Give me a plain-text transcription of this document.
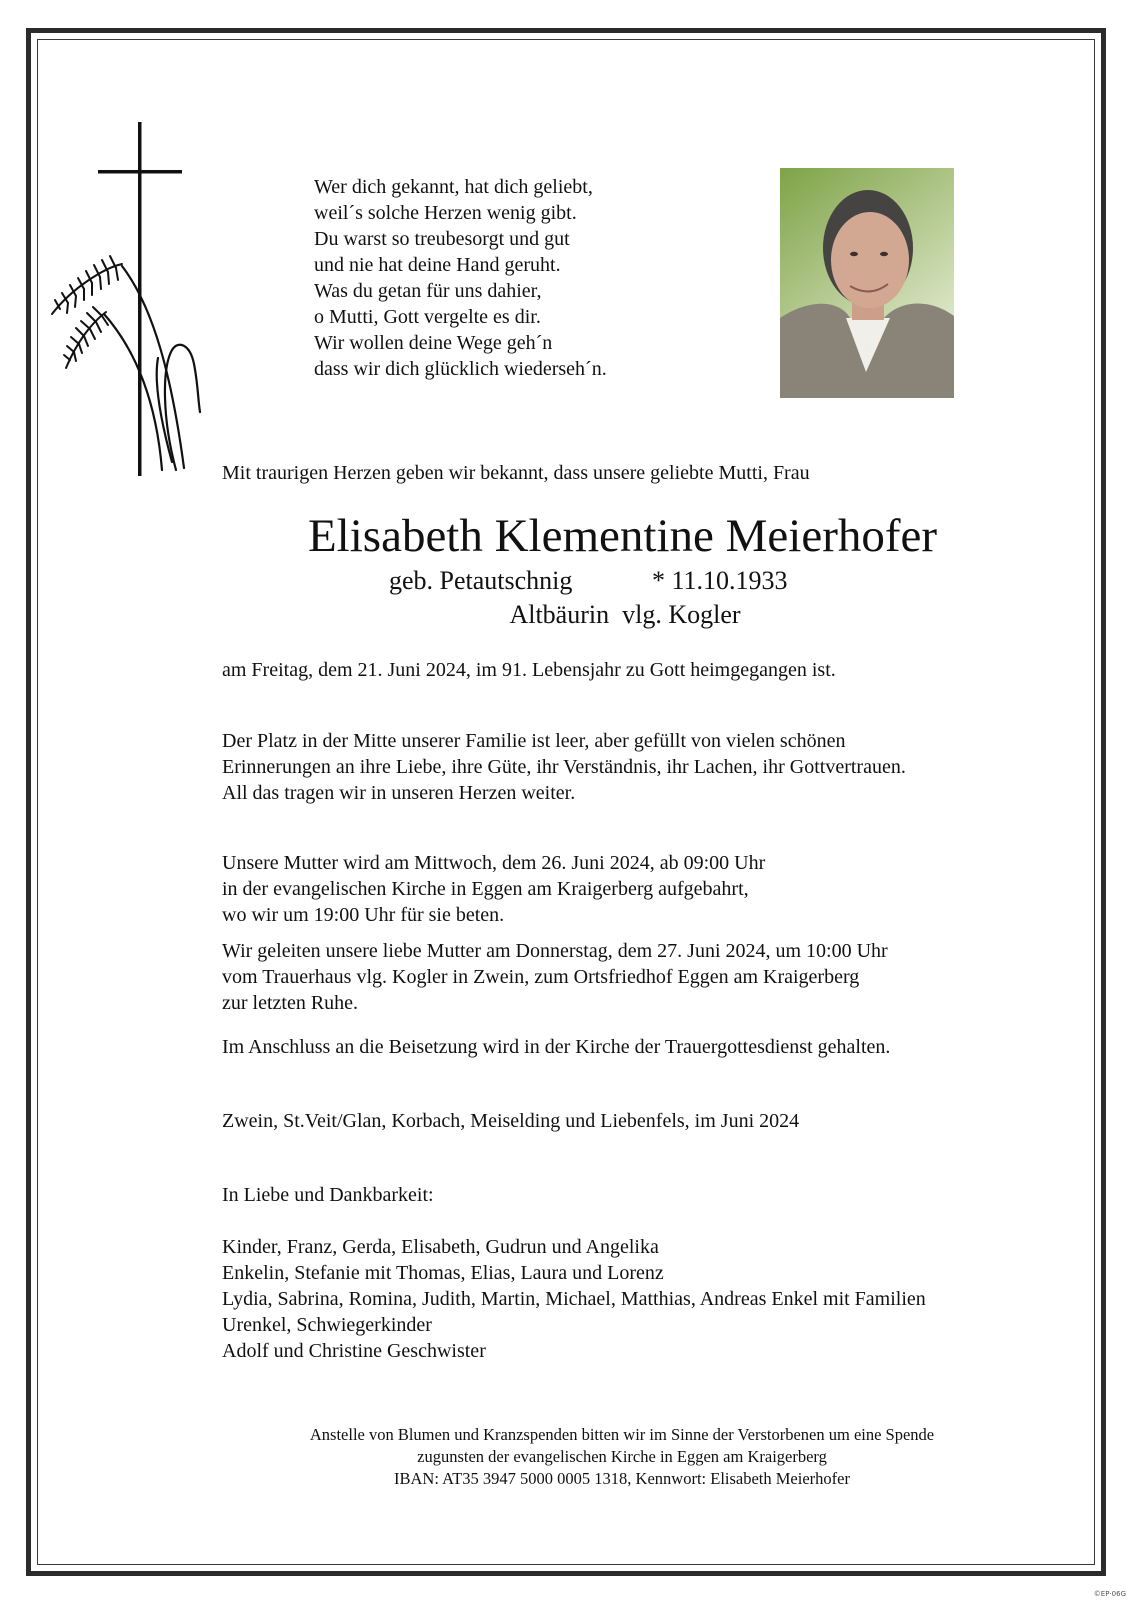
Wer dich gekannt, hat dich geliebt,
weil´s solche Herzen wenig gibt.
Du warst so treubesorgt und gut
und nie hat deine Hand geruht.
Was du getan für uns dahier,
o Mutti, Gott vergelte es dir.
Wir wollen deine Wege geh´n
dass wir dich glücklich wiederseh´n.
Mit traurigen Herzen geben wir bekannt, dass unsere geliebte Mutti, Frau
Elisabeth Klementine Meierhofer
geb. Petautschnig	* 11.10.1933
Altbäurin  vlg. Kogler
am Freitag, dem 21. Juni 2024, im 91. Lebensjahr zu Gott heimgegangen ist.
Der Platz in der Mitte unserer Familie ist leer, aber gefüllt von vielen schönen
Erinnerungen an ihre Liebe, ihre Güte, ihr Verständnis, ihr Lachen, ihr Gottvertrauen.
All das tragen wir in unseren Herzen weiter.
Unsere Mutter wird am Mittwoch, dem 26. Juni 2024, ab 09:00 Uhr
in der evangelischen Kirche in Eggen am Kraigerberg aufgebahrt,
wo wir um 19:00 Uhr für sie beten.
Wir geleiten unsere liebe Mutter am Donnerstag, dem 27. Juni 2024, um 10:00 Uhr
vom Trauerhaus vlg. Kogler in Zwein, zum Ortsfriedhof Eggen am Kraigerberg
zur letzten Ruhe.
Im Anschluss an die Beisetzung wird in der Kirche der Trauergottesdienst gehalten.
Zwein, St.Veit/Glan, Korbach, Meiselding und Liebenfels, im Juni 2024
In Liebe und Dankbarkeit:
Kinder, Franz, Gerda, Elisabeth, Gudrun und Angelika
Enkelin, Stefanie mit Thomas, Elias, Laura und Lorenz
Lydia, Sabrina, Romina, Judith, Martin, Michael, Matthias, Andreas Enkel mit Familien
Urenkel, Schwiegerkinder
Adolf und Christine Geschwister
Anstelle von Blumen und Kranzspenden bitten wir im Sinne der Verstorbenen um eine Spende
zugunsten der evangelischen Kirche in Eggen am Kraigerberg
IBAN: AT35 3947 5000 0005 1318, Kennwort: Elisabeth Meierhofer
©EP·06G
